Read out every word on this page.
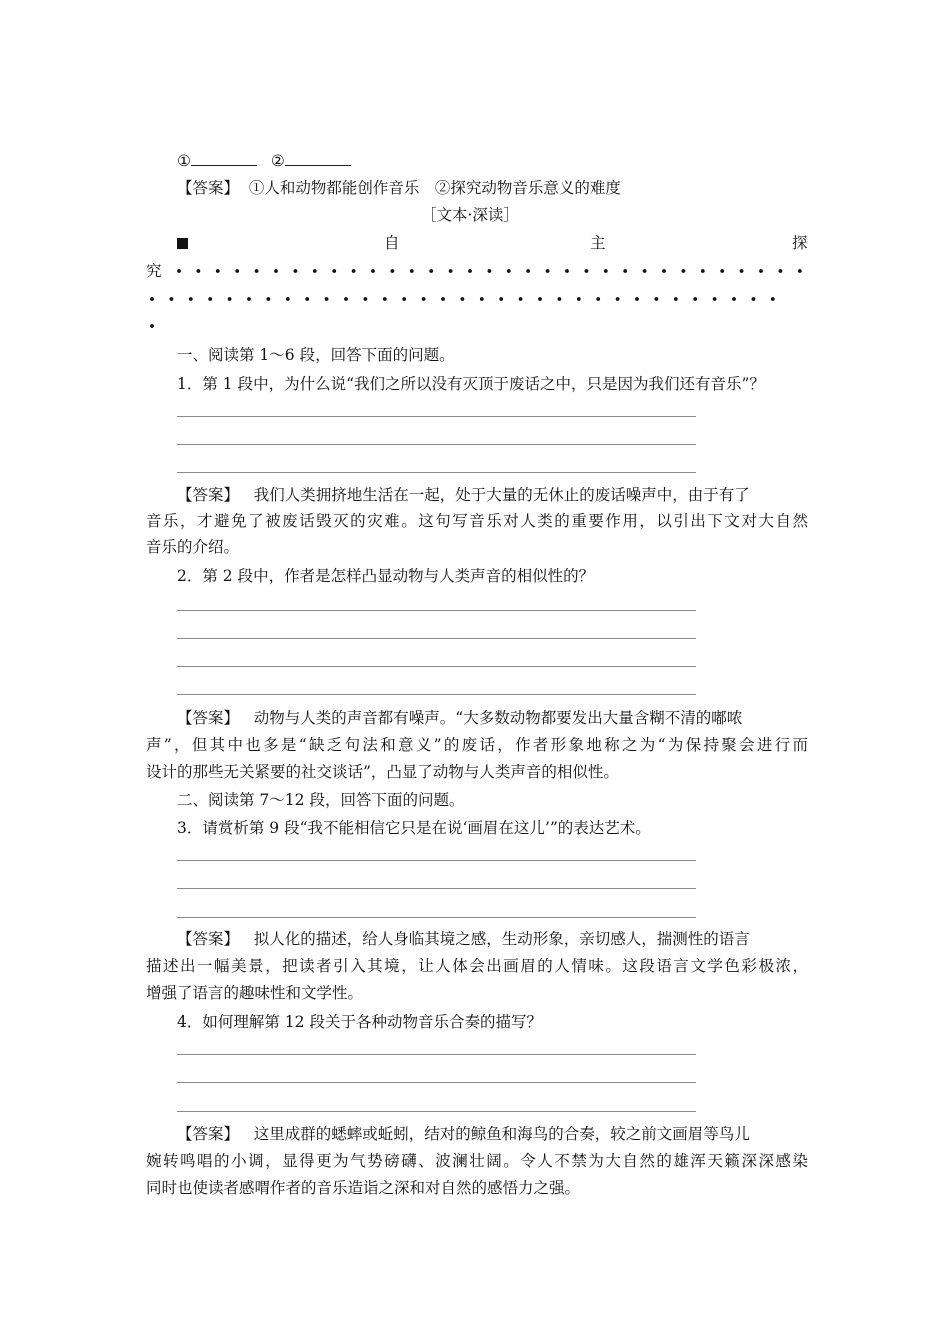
①	②
【答案】 ①人和动物都能创作音乐　②探究动物音乐意义的难度
［文本·深读］
自	主	探
究
一、阅读第 1～6 段，回答下面的问题。
1．第 1 段中，为什么说“我们之所以没有灭顶于废话之中，只是因为我们还有音乐”？
【答案】 我们人类拥挤地生活在一起，处于大量的无休止的废话噪声中，由于有了
音乐，才避免了被废话毁灭的灾难。这句写音乐对人类的重要作用，以引出下文对大自然
音乐的介绍。
2．第 2 段中，作者是怎样凸显动物与人类声音的相似性的？
【答案】 动物与人类的声音都有噪声。“大多数动物都要发出大量含糊不清的嘟哝
声”，但其中也多是“缺乏句法和意义”的废话，作者形象地称之为“为保持聚会进行而
设计的那些无关紧要的社交谈话”，凸显了动物与人类声音的相似性。
二、阅读第 7～12 段，回答下面的问题。
3．请赏析第 9 段“我不能相信它只是在说‘画眉在这儿’”的表达艺术。
【答案】 拟人化的描述，给人身临其境之感，生动形象，亲切感人，揣测性的语言
描述出一幅美景，把读者引入其境，让人体会出画眉的人情味。这段语言文学色彩极浓，
增强了语言的趣味性和文学性。
4．如何理解第 12 段关于各种动物音乐合奏的描写？
【答案】 这里成群的蟋蟀或蚯蚓，结对的鲸鱼和海鸟的合奏，较之前文画眉等鸟儿
婉转鸣唱的小调，显得更为气势磅礴、波澜壮阔。令人不禁为大自然的雄浑天籁深深感染
同时也使读者感喟作者的音乐造诣之深和对自然的感悟力之强。
